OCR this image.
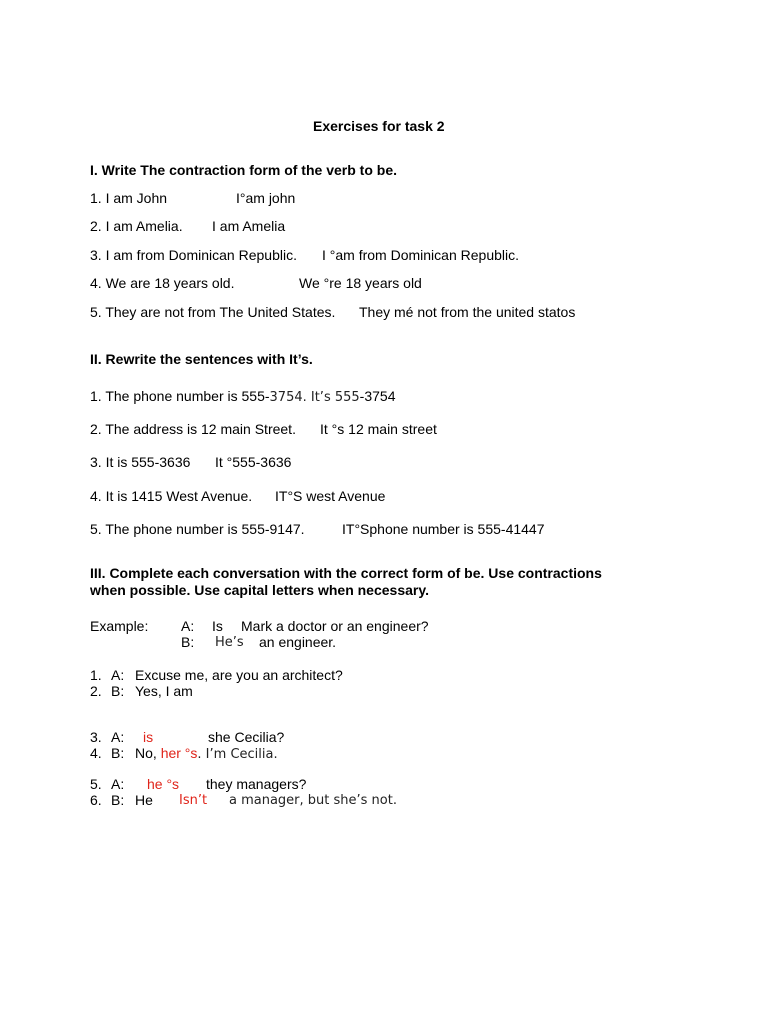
Exercises for task 2
I. Write The contraction form of the verb to be.
1. I am John	I°am john
2. I am Amelia. I am Amelia
3. I am from Dominican Republic. I °am from Dominican Republic.
4. We are 18 years old.	We °re 18 years old
5. They are not from The United States. They mé not from the united statos
II. Rewrite the sentences with It’s.
1. The phone number is 555-3754. It’s 555-3754
2. The address is 12 main Street. It °s 12 main street
3. It is 555-3636 It °555-3636
4. It is 1415 West Avenue. IT°S west Avenue
5. The phone number is 555-9147.	IT°Sphone number is 555-41447
III. Complete each conversation with the correct form of be. Use contractions
when possible. Use capital letters when necessary.
Example: A: Is Mark a doctor or an engineer?
B: He’s an engineer.
1. A: Excuse me, are you an architect?
2. B: Yes, I am
3. A: is	she Cecilia?
4. B: No, her °s. I’m Cecilia.
5. A: he °s they managers?
6. B: He Isn’t a manager, but she’s not.
